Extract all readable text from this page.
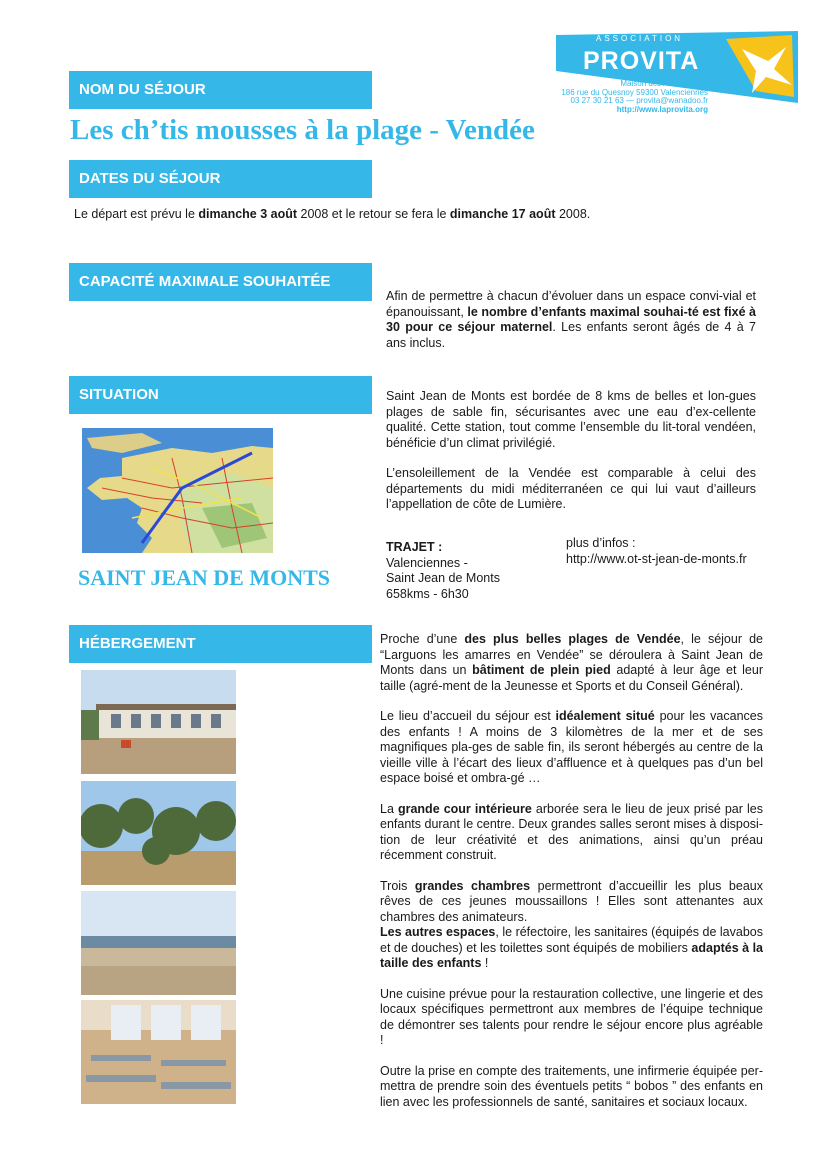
ASSOCIATION
PROVITA
Maison des Associations
186 rue du Quesnoy 59300 Valenciennes
03 27 30 21 63 — provita@wanadoo.fr
http://www.laprovita.org
NOM DU SÉJOUR
Les ch’tis mousses à la plage - Vendée
DATES DU SÉJOUR
Le départ est prévu le dimanche 3 août 2008 et le retour se fera le dimanche 17 août 2008.
CAPACITÉ MAXIMALE SOUHAITÉE
Afin de permettre à chacun d’évoluer dans un espace convi-vial et épanouissant, le nombre d’enfants maximal souhai-té est fixé à 30 pour ce séjour maternel. Les enfants seront âgés de 4 à 7 ans inclus.
SITUATION
SAINT JEAN DE MONTS

Saint Jean de Monts est bordée de 8 kms de belles et lon-gues plages de sable fin, sécurisantes avec une eau d’ex-cellente qualité. Cette station, tout comme l’ensemble du lit-toral vendéen, bénéficie d’un climat privilégié.

L’ensoleillement de la Vendée est comparable à celui des départements du midi méditerranéen ce qui lui vaut d’ailleurs l’appellation de côte de Lumière.

TRAJET :
Valenciennes -
Saint Jean de Monts
658kms - 6h30
plus d’infos :
http://www.ot-st-jean-de-monts.fr
HÉBERGEMENT	Proche d’une des plus belles plages de Vendée, le séjour de “Larguons les amarres en Vendée” se déroulera à Saint Jean de Monts dans un bâtiment de plein pied adapté à leur âge et leur taille (agré-ment de la Jeunesse et Sports et du Conseil Général).

Le lieu d’accueil du séjour est idéalement situé pour les vacances des enfants ! A moins de 3 kilomètres de la mer et de ses magnifiques pla-ges de sable fin, ils seront hébergés au centre de la vieille ville à l’écart des lieux d’affluence et à quelques pas d’un bel espace boisé et ombra-gé …

La grande cour intérieure arborée sera le lieu de jeux prisé par les enfants durant le centre. Deux grandes salles seront mises à disposi-tion de leur créativité et des animations, ainsi qu’un préau récemment construit.

Trois grandes chambres permettront d’accueillir les plus beaux rêves de ces jeunes moussaillons ! Elles sont attenantes aux chambres des animateurs.
Les autres espaces, le réfectoire, les sanitaires (équipés de lavabos et de douches) et les toilettes sont équipés de mobiliers adaptés à la taille des enfants !

Une cuisine prévue pour la restauration collective, une lingerie et des locaux spécifiques permettront aux membres de l’équipe technique de démontrer ses talents pour rendre le séjour encore plus agréable !

Outre la prise en compte des traitements, une infirmerie équipée per-mettra de prendre soin des éventuels petits “ bobos ” des enfants en lien avec les professionnels de santé, sanitaires et sociaux locaux.
